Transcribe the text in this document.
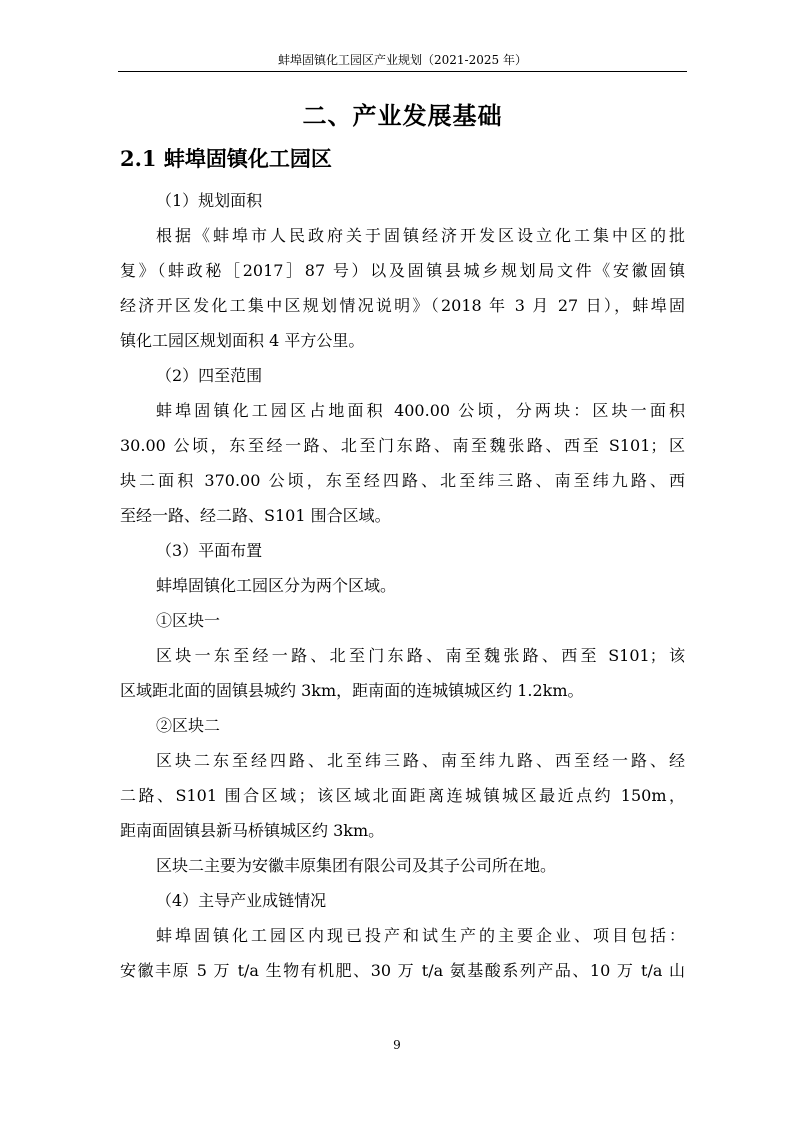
蚌埠固镇化工园区产业规划（2021-2025 年）
二、产业发展基础
2.1 蚌埠固镇化工园区

（1）规划面积

根据《蚌埠市人民政府关于固镇经济开发区设立化工集中区的批
复》（蚌政秘［2017］87 号）以及固镇县城乡规划局文件《安徽固镇
经济开区发化工集中区规划情况说明》（2018 年 3 月 27 日），蚌埠固
镇化工园区规划面积 4 平方公里。

（2）四至范围

蚌埠固镇化工园区占地面积 400.00 公顷，分两块：区块一面积
30.00 公顷，东至经一路、北至门东路、南至魏张路、西至 S101；区
块二面积 370.00 公顷，东至经四路、北至纬三路、南至纬九路、西
至经一路、经二路、S101 围合区域。

（3）平面布置

蚌埠固镇化工园区分为两个区域。

①区块一

区块一东至经一路、北至门东路、南至魏张路、西至 S101；该
区域距北面的固镇县城约 3km，距南面的连城镇城区约 1.2km。

②区块二

区块二东至经四路、北至纬三路、南至纬九路、西至经一路、经
二路、S101 围合区域；该区域北面距离连城镇城区最近点约 150m，
距南面固镇县新马桥镇城区约 3km。

区块二主要为安徽丰原集团有限公司及其子公司所在地。

（4）主导产业成链情况

蚌埠固镇化工园区内现已投产和试生产的主要企业、项目包括：
安徽丰原 5 万 t/a 生物有机肥、30 万 t/a 氨基酸系列产品、10 万 t/a 山

9
